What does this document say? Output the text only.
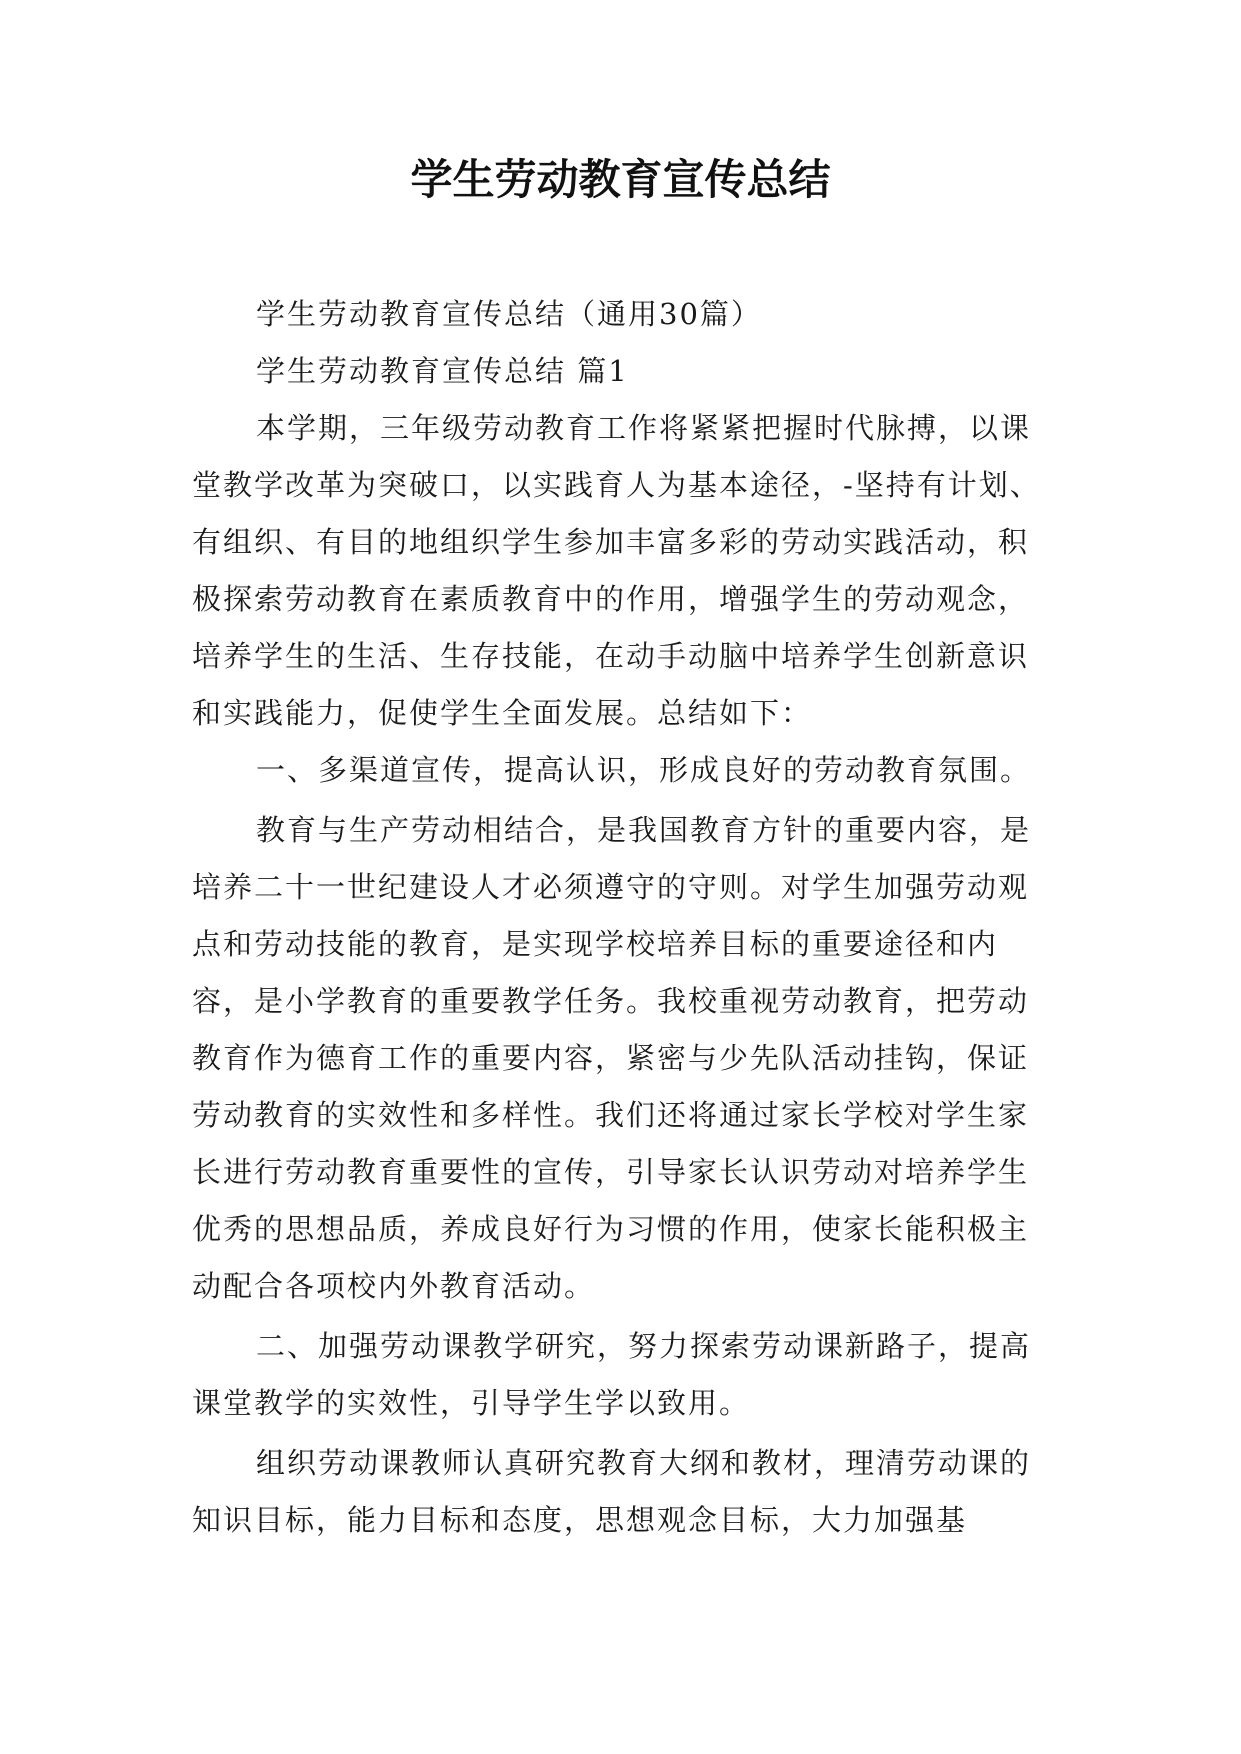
学生劳动教育宣传总结

学生劳动教育宣传总结（通用30篇）

学生劳动教育宣传总结 篇1

本学期，三年级劳动教育工作将紧紧把握时代脉搏，以课堂教学改革为突破口，以实践育人为基本途径，-坚持有计划、有组织、有目的地组织学生参加丰富多彩的劳动实践活动，积极探索劳动教育在素质教育中的作用，增强学生的劳动观念，培养学生的生活、生存技能，在动手动脑中培养学生创新意识和实践能力，促使学生全面发展。总结如下：

一、多渠道宣传，提高认识，形成良好的劳动教育氛围。

教育与生产劳动相结合，是我国教育方针的重要内容，是培养二十一世纪建设人才必须遵守的守则。对学生加强劳动观点和劳动技能的教育，是实现学校培养目标的重要途径和内容，是小学教育的重要教学任务。我校重视劳动教育，把劳动教育作为德育工作的重要内容，紧密与少先队活动挂钩，保证劳动教育的实效性和多样性。我们还将通过家长学校对学生家长进行劳动教育重要性的宣传，引导家长认识劳动对培养学生优秀的思想品质，养成良好行为习惯的作用，使家长能积极主动配合各项校内外教育活动。

二、加强劳动课教学研究，努力探索劳动课新路子，提高课堂教学的实效性，引导学生学以致用。

组织劳动课教师认真研究教育大纲和教材，理清劳动课的知识目标，能力目标和态度，思想观念目标，大力加强基
